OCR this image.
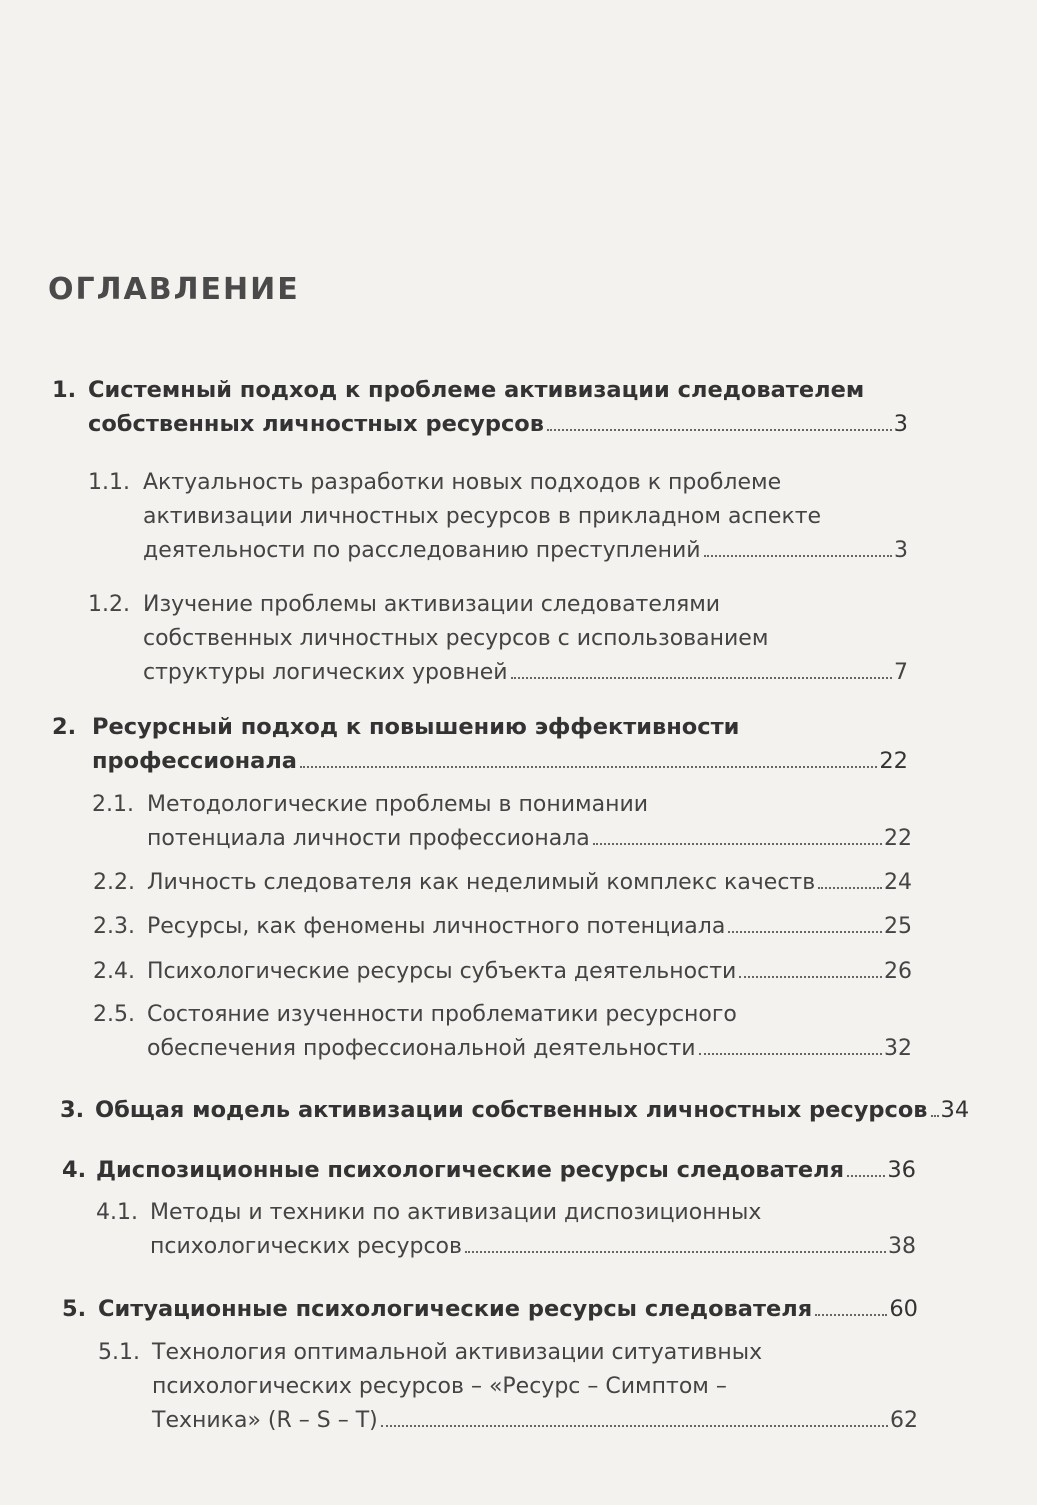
ОГЛАВЛЕНИЕ
1. Системный подход к проблеме активизации следователем
собственных личностных ресурсов	3
1.1. Актуальность разработки новых подходов к проблеме
активизации личностных ресурсов в прикладном аспекте
деятельности по расследованию преступлений	3
1.2. Изучение проблемы активизации следователями
собственных личностных ресурсов с использованием
структуры логических уровней	7
2. Ресурсный подход к повышению эффективности
профессионала	22
2.1. Методологические проблемы в понимании
потенциала личности профессионала	22
2.2. Личность следователя как неделимый комплекс качеств	24
2.3. Ресурсы, как феномены личностного потенциала	25
2.4. Психологические ресурсы субъекта деятельности	26
2.5. Состояние изученности проблематики ресурсного
обеспечения профессиональной деятельности	32
3. Общая модель активизации собственных личностных ресурсов 34
4. Диспозиционные психологические ресурсы следователя 36
4.1. Методы и техники по активизации диспозиционных
психологических ресурсов	38
5. Ситуационные психологические ресурсы следователя	60
5.1. Технология оптимальной активизации ситуативных
психологических ресурсов – «Ресурс – Симптом –
Техника» (R – S – T)	62
